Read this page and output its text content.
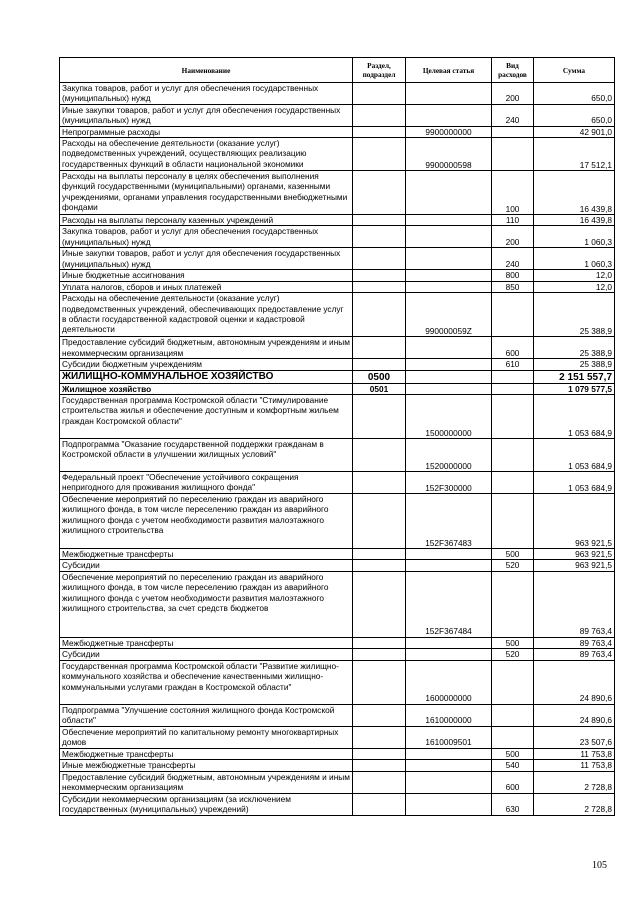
Наименование	Раздел, подраздел	Целевая статья	Вид расходов	Сумма
Закупка товаров, работ и услуг для обеспечения государственных (муниципальных) нужд			200	650,0
Иные закупки товаров, работ и услуг для обеспечения государственных (муниципальных) нужд			240	650,0
Непрограммные расходы		9900000000		42 901,0
Расходы на обеспечение деятельности (оказание услуг) подведомственных учреждений, осуществляющих реализацию государственных функций в области национальной экономики		9900000598		17 512,1
Расходы на выплаты персоналу в целях обеспечения выполнения функций государственными (муниципальными) органами, казенными учреждениями, органами управления государственными внебюджетными фондами			100	16 439,8
Расходы на выплаты персоналу казенных учреждений			110	16 439,8
Закупка товаров, работ и услуг для обеспечения государственных (муниципальных) нужд			200	1 060,3
Иные закупки товаров, работ и услуг для обеспечения государственных (муниципальных) нужд			240	1 060,3
Иные бюджетные ассигнования			800	12,0
Уплата налогов, сборов и иных платежей			850	12,0
Расходы на обеспечение деятельности (оказание услуг) подведомственных учреждений, обеспечивающих предоставление услуг в области государственной кадастровой оценки и кадастровой деятельности		990000059Z		25 388,9
Предоставление субсидий бюджетным, автономным учреждениям и иным некоммерческим организациям			600	25 388,9
Субсидии бюджетным учреждениям			610	25 388,9
ЖИЛИЩНО-КОММУНАЛЬНОЕ ХОЗЯЙСТВО	0500			2 151 557,7
Жилищное хозяйство	0501			1 079 577,5
Государственная программа Костромской области "Стимулирование строительства жилья и обеспечение доступным и комфортным жильем граждан Костромской области"		1500000000		1 053 684,9
Подпрограмма "Оказание государственной поддержки гражданам в Костромской области в улучшении жилищных условий"		1520000000		1 053 684,9
Федеральный проект "Обеспечение устойчивого сокращения непригодного для проживания жилищного фонда"		152F300000		1 053 684,9
Обеспечение мероприятий по переселению граждан из аварийного жилищного фонда, в том числе переселению граждан из аварийного жилищного фонда с учетом необходимости развития малоэтажного жилищного строительства		152F367483		963 921,5
Межбюджетные трансферты			500	963 921,5
Субсидии			520	963 921,5
Обеспечение мероприятий по переселению граждан из аварийного жилищного фонда, в том числе переселению граждан из аварийного жилищного фонда с учетом необходимости развития малоэтажного жилищного строительства, за счет средств бюджетов		152F367484		89 763,4
Межбюджетные трансферты			500	89 763,4
Субсидии			520	89 763,4
Государственная программа Костромской области "Развитие жилищно-коммунального хозяйства и обеспечение качественными жилищно-коммунальными услугами граждан в Костромской области"		1600000000		24 890,6
Подпрограмма "Улучшение состояния жилищного фонда Костромской области"		1610000000		24 890,6
Обеспечение мероприятий по капитальному ремонту многоквартирных домов		1610009501		23 507,6
Межбюджетные трансферты			500	11 753,8
Иные межбюджетные трансферты			540	11 753,8
Предоставление субсидий бюджетным, автономным учреждениям и иным некоммерческим организациям			600	2 728,8
Субсидии некоммерческим организациям (за исключением государственных (муниципальных) учреждений)			630	2 728,8
105
